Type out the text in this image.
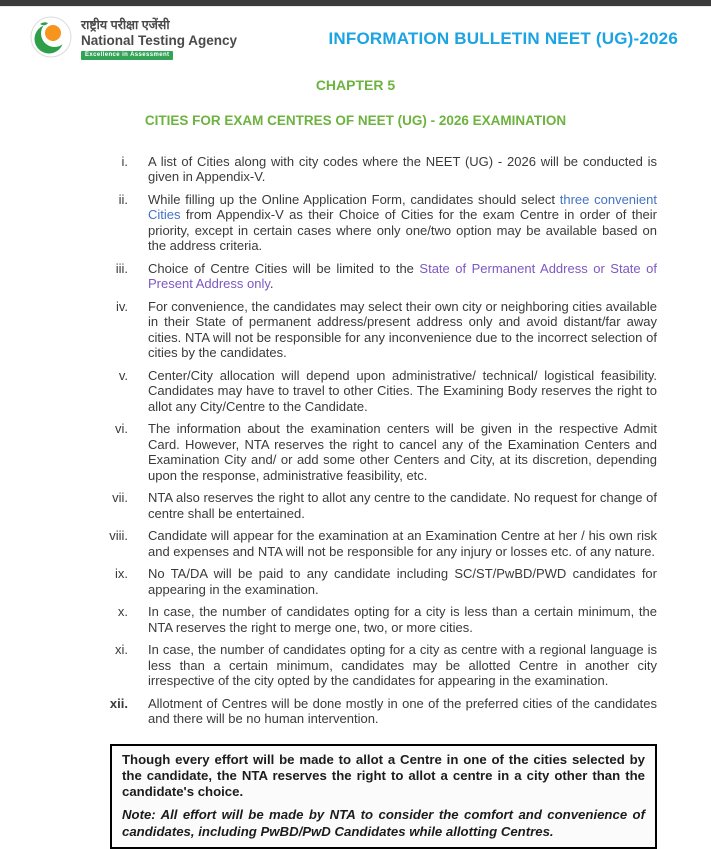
राष्ट्रीय परीक्षा एजेंसी
National Testing Agency
Excellence in Assessment
INFORMATION BULLETIN NEET (UG)-2026
CHAPTER 5
CITIES FOR EXAM CENTRES OF NEET (UG) - 2026 EXAMINATION
i. A list of Cities along with city codes where the NEET (UG) - 2026 will be conducted is given in Appendix-V.
ii. While filling up the Online Application Form, candidates should select three convenient Cities from Appendix-V as their Choice of Cities for the exam Centre in order of their priority, except in certain cases where only one/two option may be available based on the address criteria.
iii. Choice of Centre Cities will be limited to the State of Permanent Address or State of Present Address only.
iv. For convenience, the candidates may select their own city or neighboring cities available in their State of permanent address/present address only and avoid distant/far away cities. NTA will not be responsible for any inconvenience due to the incorrect selection of cities by the candidates.
v. Center/City allocation will depend upon administrative/ technical/ logistical feasibility. Candidates may have to travel to other Cities. The Examining Body reserves the right to allot any City/Centre to the Candidate.
vi. The information about the examination centers will be given in the respective Admit Card. However, NTA reserves the right to cancel any of the Examination Centers and Examination City and/ or add some other Centers and City, at its discretion, depending upon the response, administrative feasibility, etc.
vii. NTA also reserves the right to allot any centre to the candidate. No request for change of centre shall be entertained.
viii. Candidate will appear for the examination at an Examination Centre at her / his own risk and expenses and NTA will not be responsible for any injury or losses etc. of any nature.
ix. No TA/DA will be paid to any candidate including SC/ST/PwBD/PWD candidates for appearing in the examination.
x. In case, the number of candidates opting for a city is less than a certain minimum, the NTA reserves the right to merge one, two, or more cities.
xi. In case, the number of candidates opting for a city as centre with a regional language is less than a certain minimum, candidates may be allotted Centre in another city irrespective of the city opted by the candidates for appearing in the examination.
xii. Allotment of Centres will be done mostly in one of the preferred cities of the candidates and there will be no human intervention.

Though every effort will be made to allot a Centre in one of the cities selected by the candidate, the NTA reserves the right to allot a centre in a city other than the candidate's choice.

Note: All effort will be made by NTA to consider the comfort and convenience of candidates, including PwBD/PwD Candidates while allotting Centres.
